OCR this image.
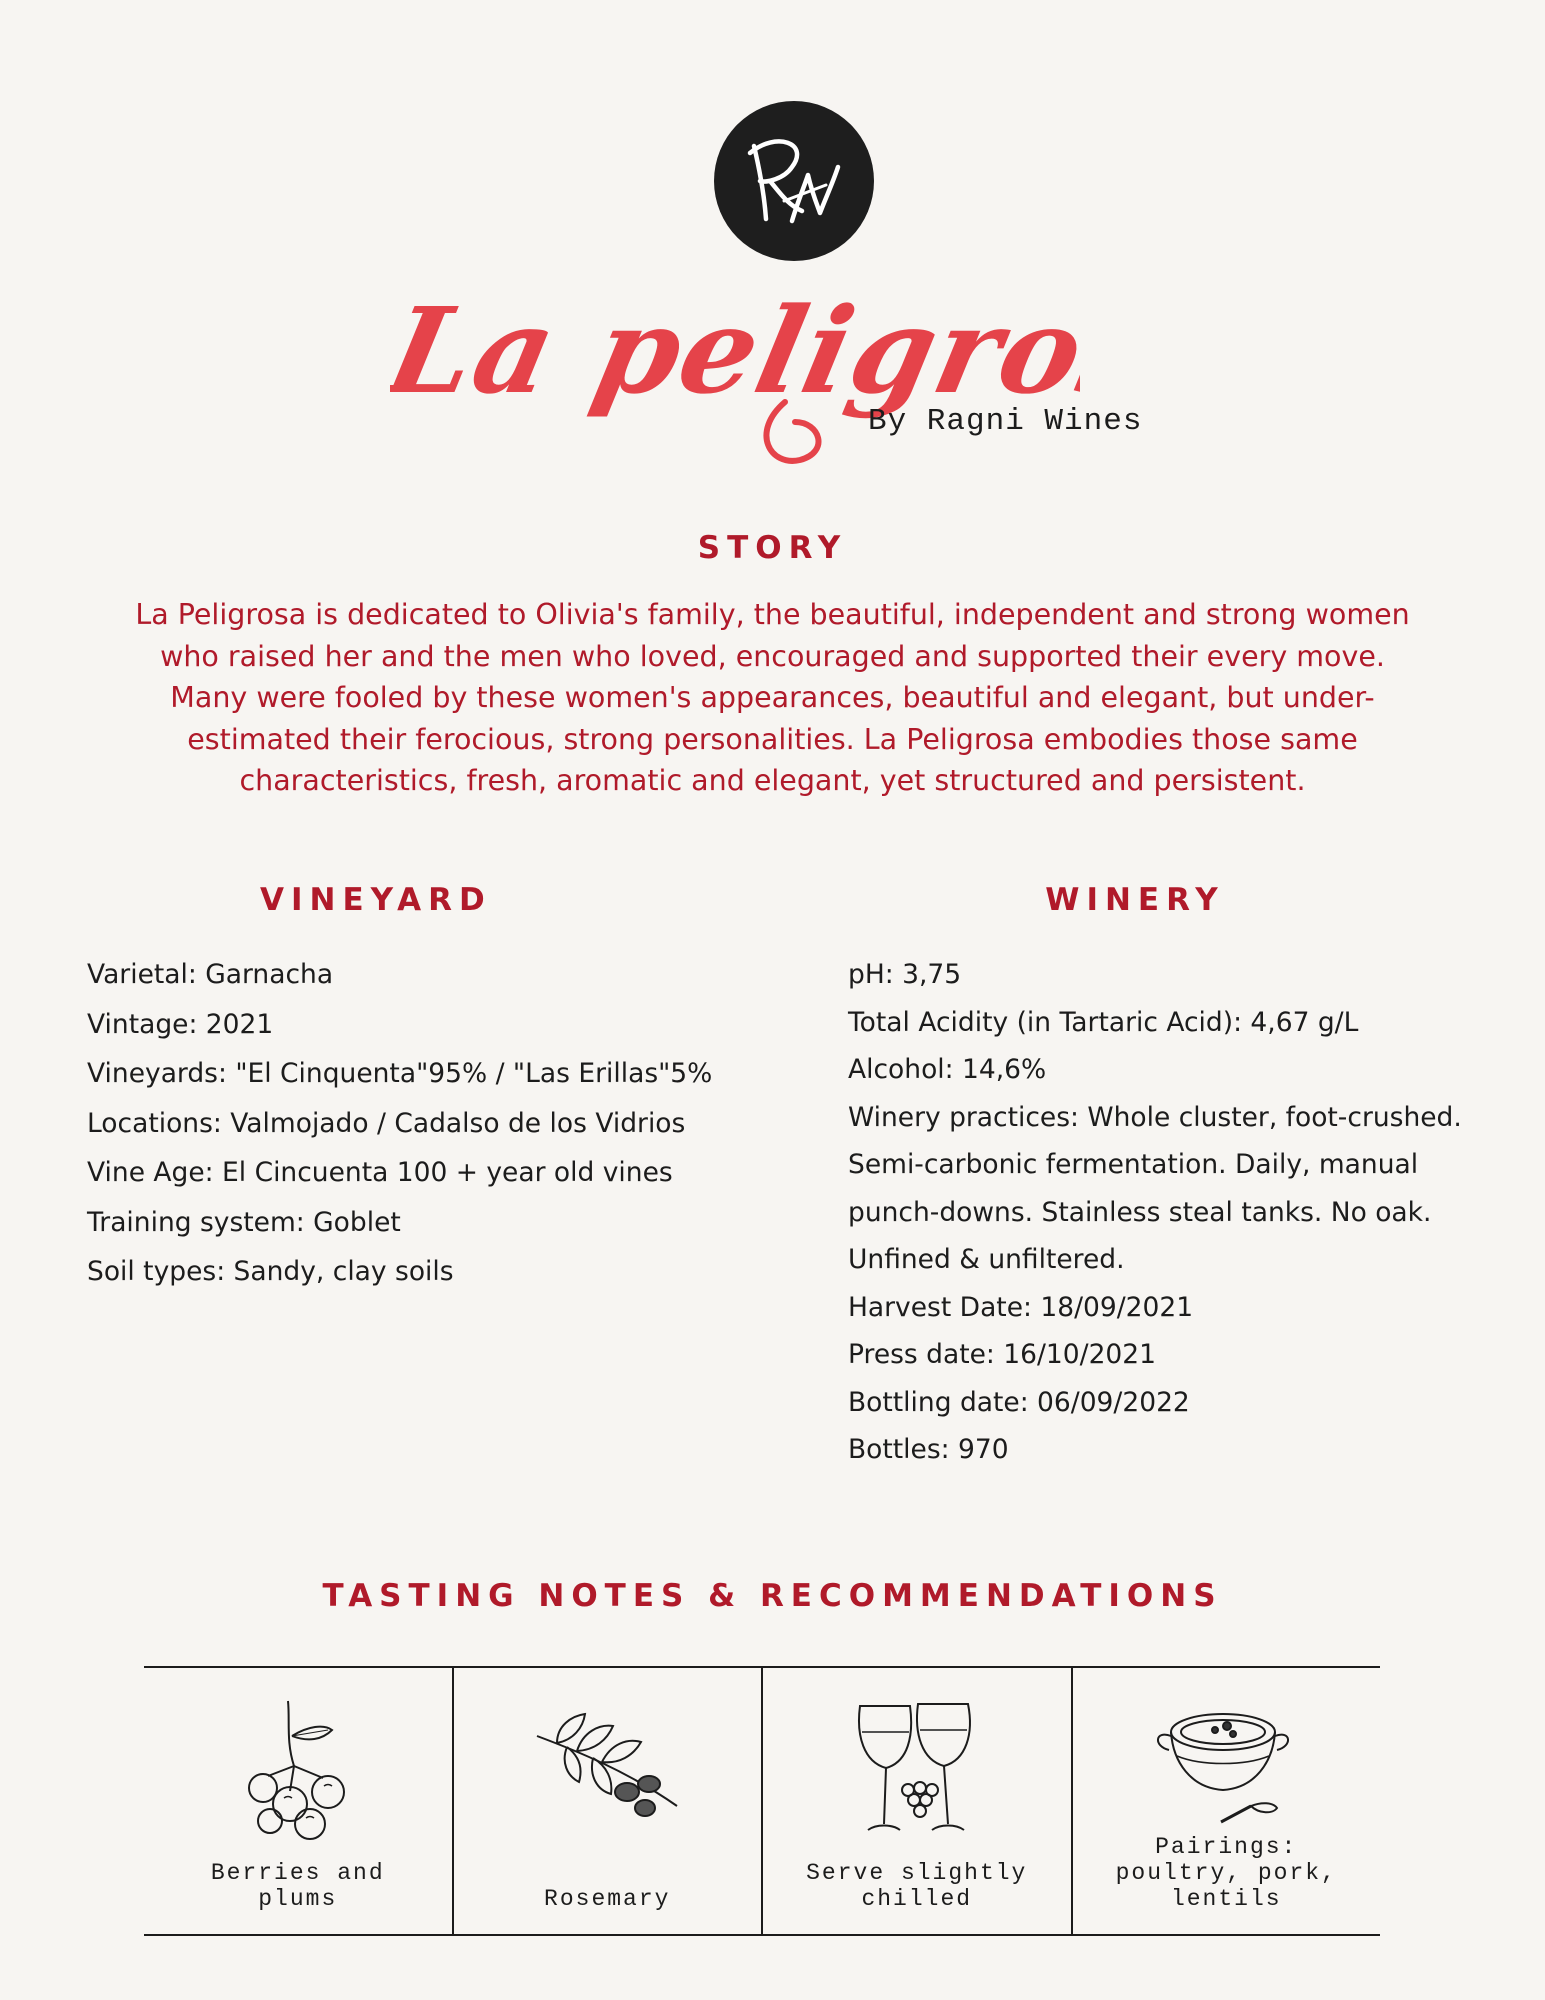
La peligrosa
By Ragni Wines
STORY
La Peligrosa is dedicated to Olivia's family, the beautiful, independent and strong women who raised her and the men who loved, encouraged and supported their every move. Many were fooled by these women's appearances, beautiful and elegant, but under-estimated their ferocious, strong personalities. La Peligrosa embodies those same characteristics, fresh, aromatic and elegant, yet structured and persistent.
VINEYARD
Varietal: Garnacha
Vintage: 2021
Vineyards: "El Cinquenta"95% / "Las Erillas"5%
Locations: Valmojado / Cadalso de los Vidrios
Vine Age: El Cincuenta 100 + year old vines
Training system: Goblet
Soil types: Sandy, clay soils
WINERY
pH: 3,75
Total Acidity (in Tartaric Acid): 4,67 g/L
Alcohol: 14,6%
Winery practices: Whole cluster, foot-crushed.
Semi-carbonic fermentation. Daily, manual
punch-downs. Stainless steal tanks. No oak.
Unfined & unfiltered.
Harvest Date: 18/09/2021
Press date: 16/10/2021
Bottling date: 06/09/2022
Bottles: 970
TASTING NOTES & RECOMMENDATIONS
Berries and plums	Rosemary
Serve slightly chilled
Pairings: poultry, pork, lentils
